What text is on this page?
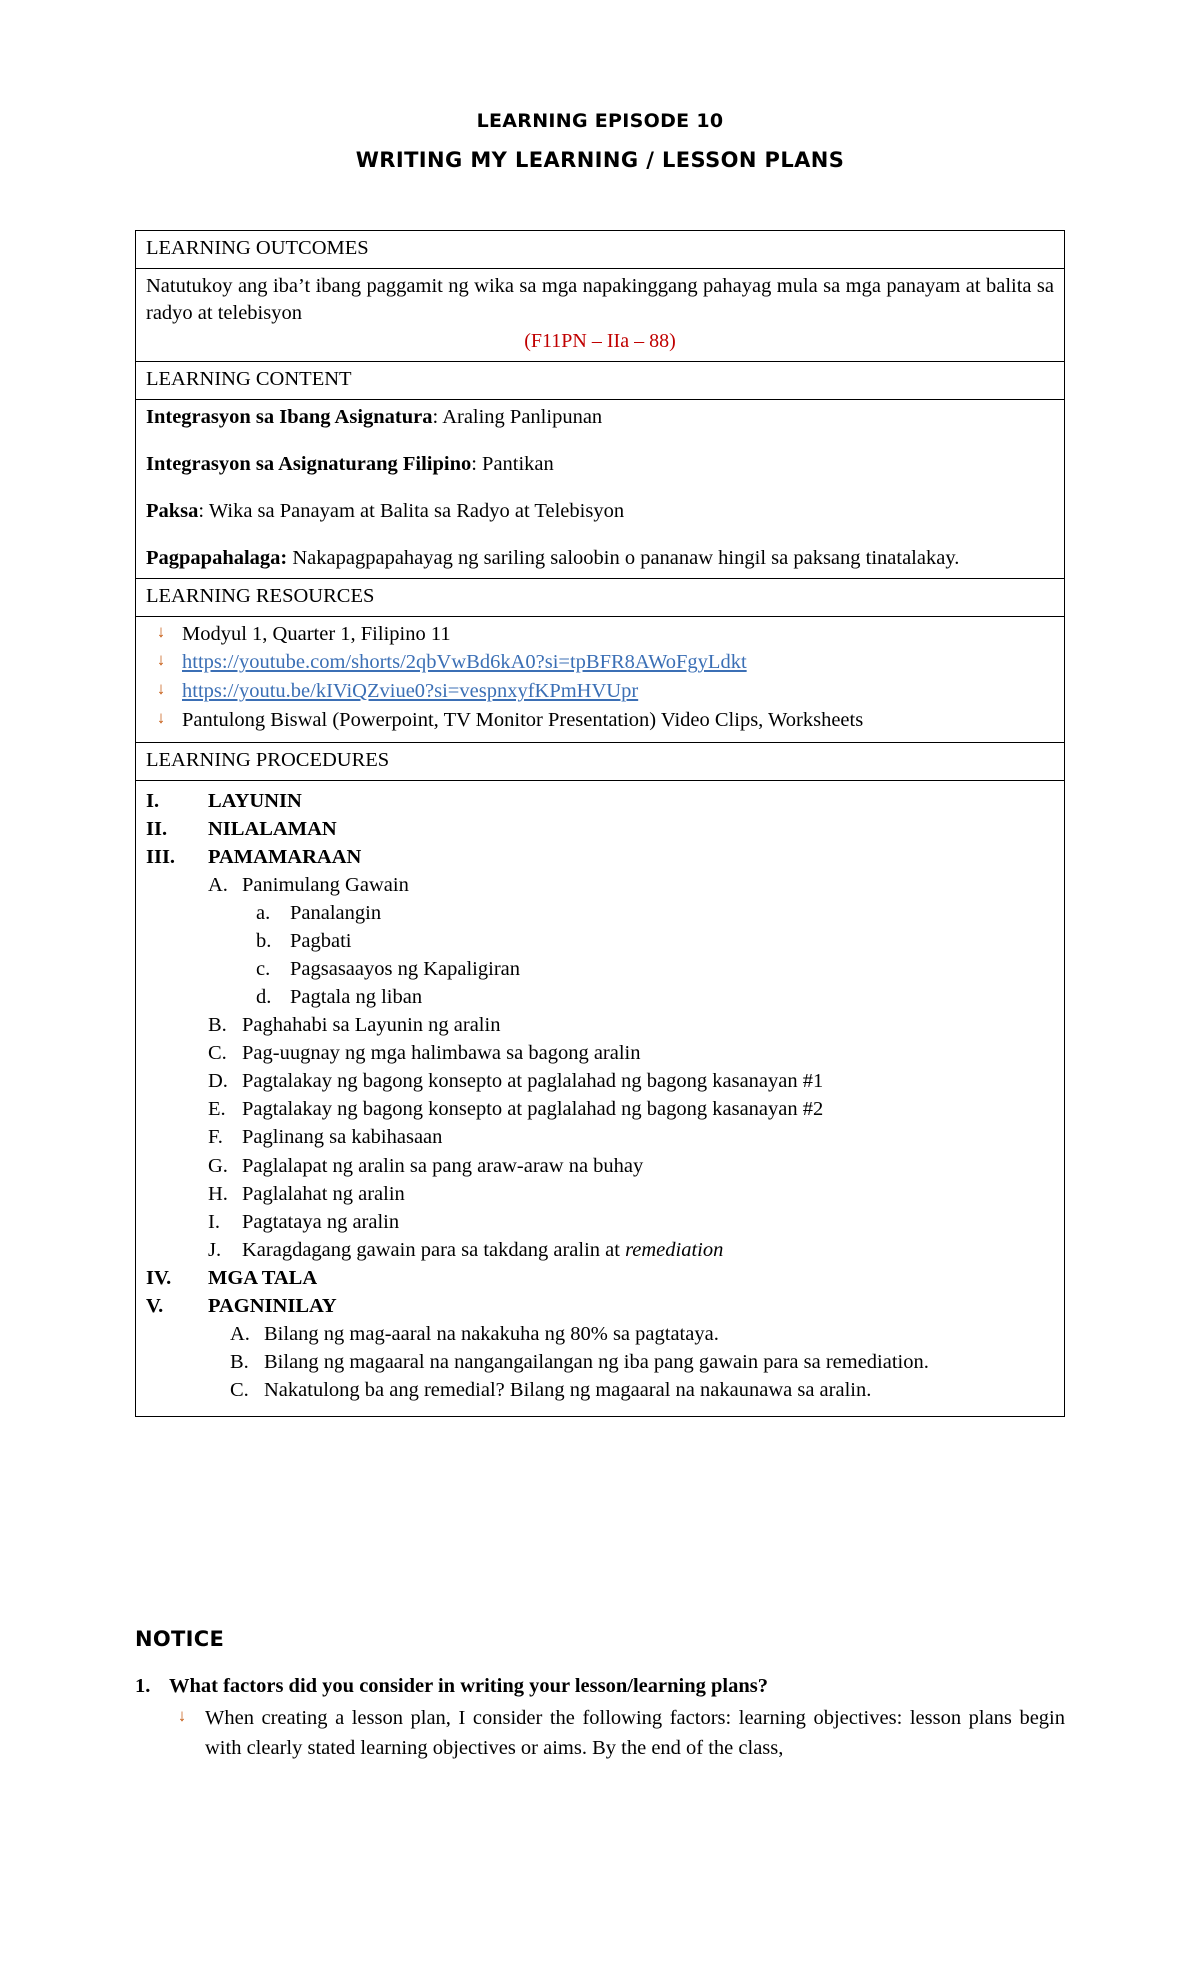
LEARNING EPISODE 10
WRITING MY LEARNING / LESSON PLANS
LEARNING OUTCOMES

Natutukoy ang iba’t ibang paggamit ng wika sa mga napakinggang pahayag mula sa mga panayam at balita sa radyo at telebisyon
(F11PN – IIa – 88)

LEARNING CONTENT

Integrasyon sa Ibang Asignatura: Araling Panlipunan
Integrasyon sa Asignaturang Filipino: Pantikan
Paksa: Wika sa Panayam at Balita sa Radyo at Telebisyon
Pagpapahalaga: Nakapagpapahayag ng sariling saloobin o pananaw hingil sa paksang tinatalakay.

LEARNING RESOURCES

↓ Modyul 1, Quarter 1, Filipino 11
↓ https://youtube.com/shorts/2qbVwBd6kA0?si=tpBFR8AWoFgyLdkt
↓ https://youtu.be/kIViQZviue0?si=vespnxyfKPmHVUpr
↓ Pantulong Biswal (Powerpoint, TV Monitor Presentation) Video Clips, Worksheets

LEARNING PROCEDURES

I.	LAYUNIN
II.	NILALAMAN
III.	PAMAMARAAN
A. Panimulang Gawain
a. Panalangin
b. Pagbati
c. Pagsasaayos ng Kapaligiran
d. Pagtala ng liban
B. Paghahabi sa Layunin ng aralin
C. Pag-uugnay ng mga halimbawa sa bagong aralin
D. Pagtalakay ng bagong konsepto at paglalahad ng bagong kasanayan #1
E. Pagtalakay ng bagong konsepto at paglalahad ng bagong kasanayan #2
F. Paglinang sa kabihasaan
G. Paglalapat ng aralin sa pang araw-araw na buhay
H. Paglalahat ng aralin
I.	Pagtataya ng aralin
J.	Karagdagang gawain para sa takdang aralin at remediation
IV.	MGA TALA
V.	PAGNINILAY
A. Bilang ng mag-aaral na nakakuha ng 80% sa pagtataya.
B. Bilang ng magaaral na nangangailangan ng iba pang gawain para sa remediation.
C. Nakatulong ba ang remedial? Bilang ng magaaral na nakaunawa sa aralin.
NOTICE
1. What factors did you consider in writing your lesson/learning plans?
↓ When creating a lesson plan, I consider the following factors: learning objectives: lesson plans begin with clearly stated learning objectives or aims. By the end of the class,
